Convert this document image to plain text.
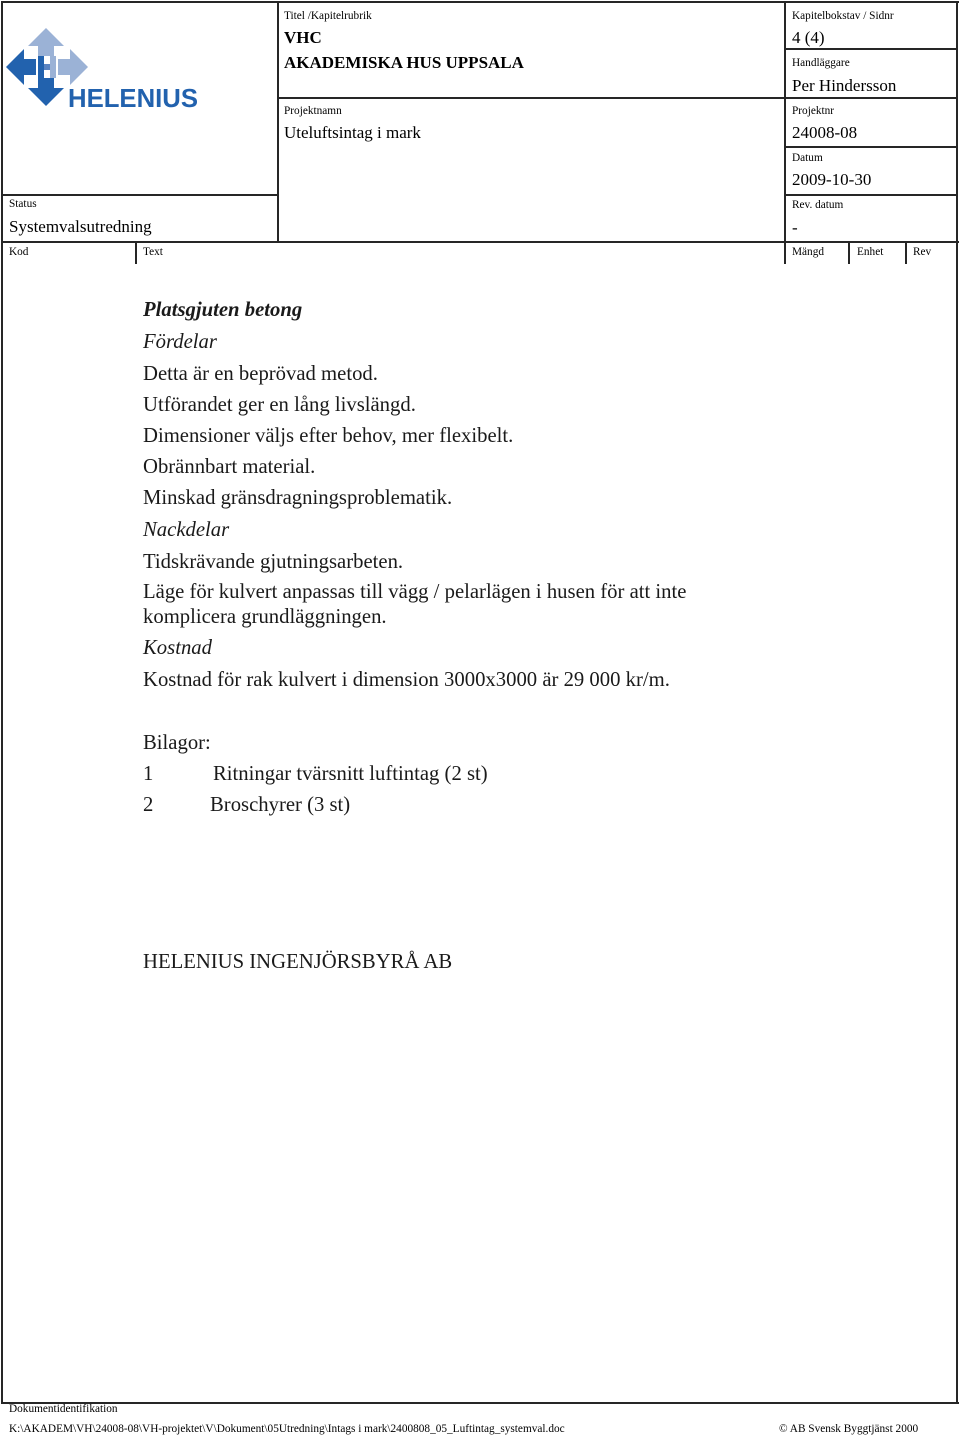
HELENIUS
Titel /Kapitelrubrik
VHC
AKADEMISKA HUS UPPSALA
Projektnamn
Uteluftsintag i mark
Kapitelbokstav / Sidnr
4 (4)
Handläggare
Per Hindersson
Projektnr
24008-08
Datum
2009-10-30
Rev. datum
-
Status
Systemvalsutredning
Kod	Text	Mängd	Enhet	Rev
Platsgjuten betong
Fördelar
Detta är en beprövad metod.
Utförandet ger en lång livslängd.
Dimensioner väljs efter behov, mer flexibelt.
Obrännbart material.
Minskad gränsdragningsproblematik.
Nackdelar
Tidskrävande gjutningsarbeten.
Läge för kulvert anpassas till vägg / pelarlägen i husen för att inte komplicera grundläggningen.
Kostnad
Kostnad för rak kulvert i dimension 3000x3000 är 29 000 kr/m.
Bilagor:
1	Ritningar tvärsnitt luftintag (2 st)
2	Broschyrer (3 st)
HELENIUS INGENJÖRSBYRÅ AB
Dokumentidentifikation
K:\AKADEM\VH\24008-08\VH-projektet\V\Dokument\05Utredning\Intags i mark\2400808_05_Luftintag_systemval.doc	© AB Svensk Byggtjänst 2000
